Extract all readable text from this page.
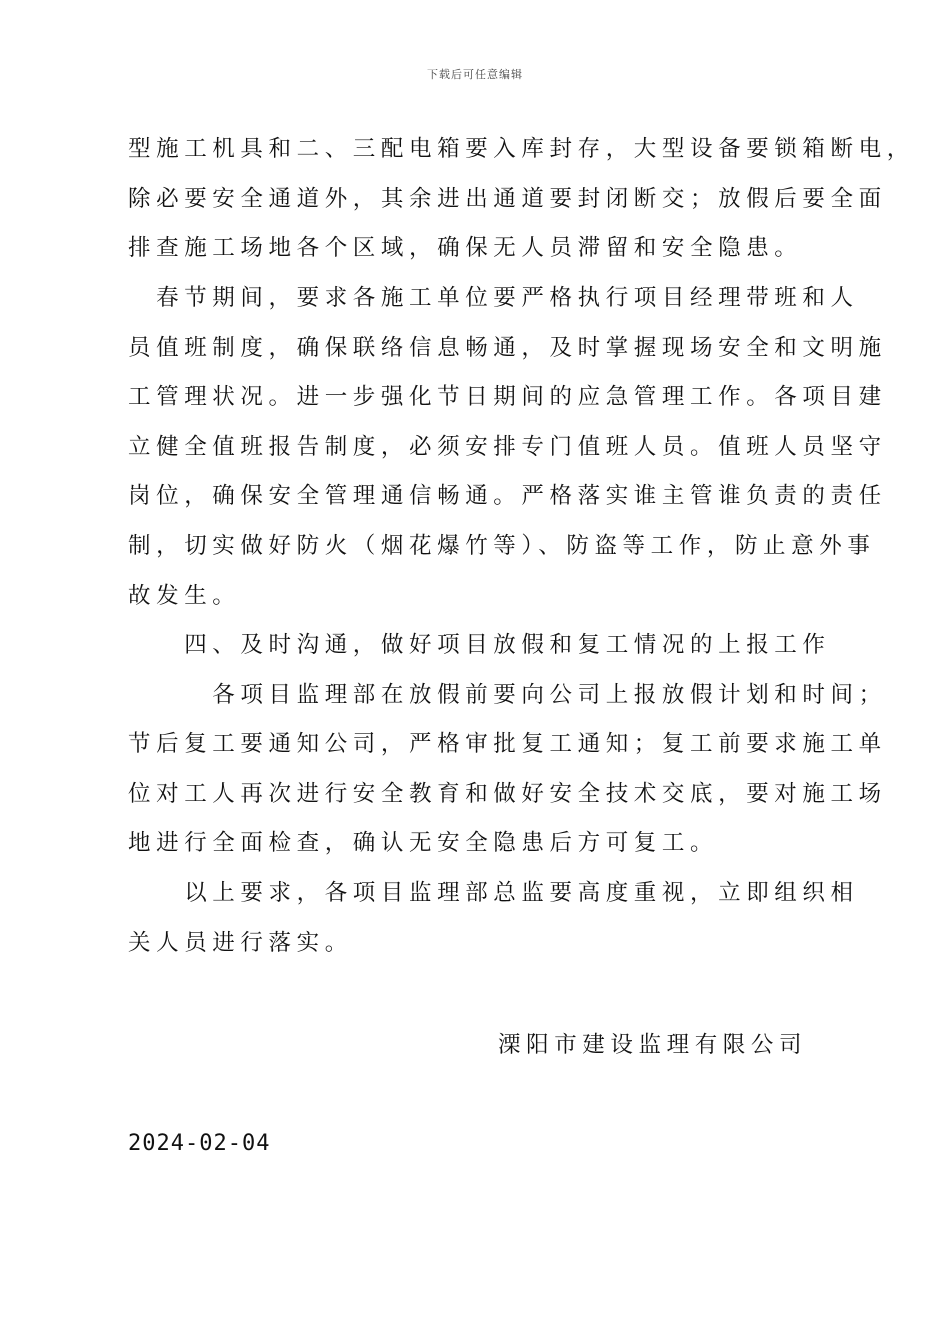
下载后可任意编辑
型施工机具和二、三配电箱要入库封存，大型设备要锁箱断电，
除必要安全通道外，其余进出通道要封闭断交；放假后要全面
排查施工场地各个区域，确保无人员滞留和安全隐患。
　春节期间，要求各施工单位要严格执行项目经理带班和人
员值班制度，确保联络信息畅通，及时掌握现场安全和文明施
工管理状况。进一步强化节日期间的应急管理工作。各项目建
立健全值班报告制度，必须安排专门值班人员。值班人员坚守
岗位，确保安全管理通信畅通。严格落实谁主管谁负责的责任
制，切实做好防火（烟花爆竹等）、防盗等工作，防止意外事
故发生。
　　四、及时沟通，做好项目放假和复工情况的上报工作
　　　各项目监理部在放假前要向公司上报放假计划和时间；
节后复工要通知公司，严格审批复工通知；复工前要求施工单
位对工人再次进行安全教育和做好安全技术交底，要对施工场
地进行全面检查，确认无安全隐患后方可复工。
　　以上要求，各项目监理部总监要高度重视，立即组织相
关人员进行落实。
溧阳市建设监理有限公司
2024-02-04
